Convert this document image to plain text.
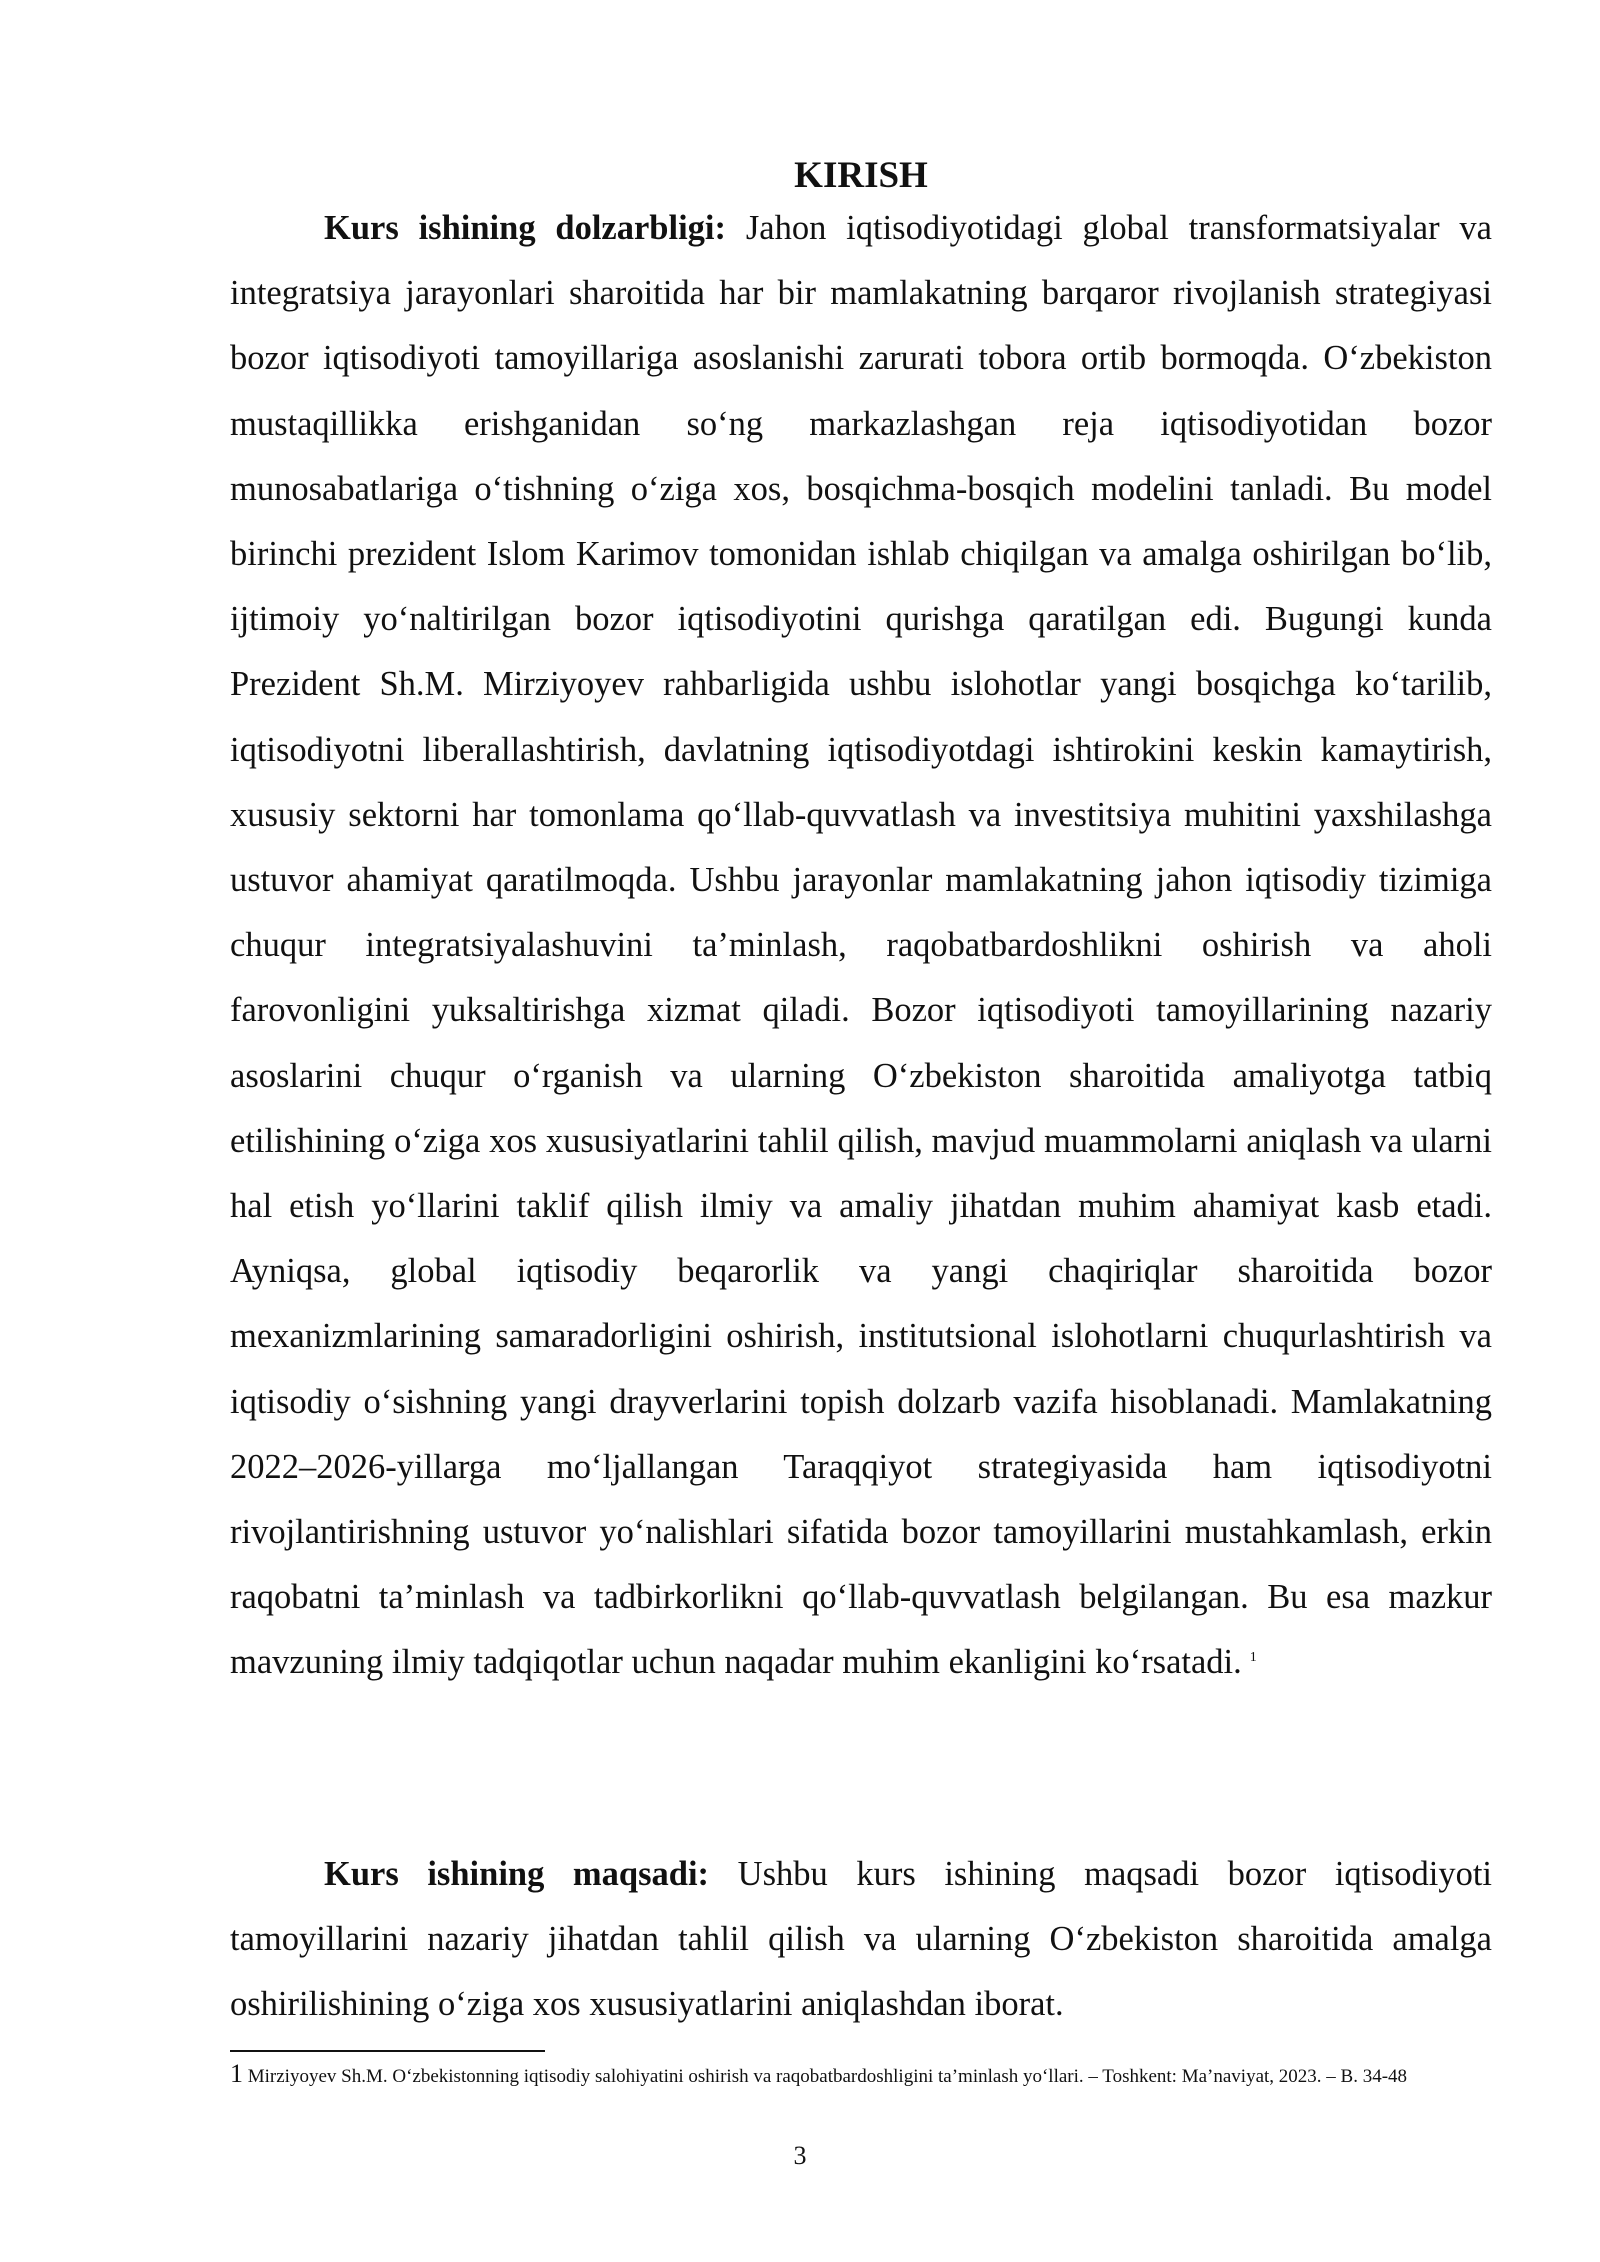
KIRISH

Kurs ishining dolzarbligi: Jahon iqtisodiyotidagi global transformatsiyalar va integratsiya jarayonlari sharoitida har bir mamlakatning barqaror rivojlanish strategiyasi bozor iqtisodiyoti tamoyillariga asoslanishi zarurati tobora ortib bormoqda. O‘zbekiston mustaqillikka erishganidan so‘ng markazlashgan reja iqtisodiyotidan bozor munosabatlariga o‘tishning o‘ziga xos, bosqichma-bosqich modelini tanladi. Bu model birinchi prezident Islom Karimov tomonidan ishlab chiqilgan va amalga oshirilgan bo‘lib, ijtimoiy yo‘naltirilgan bozor iqtisodiyotini qurishga qaratilgan edi. Bugungi kunda Prezident Sh.M. Mirziyoyev rahbarligida ushbu islohotlar yangi bosqichga ko‘tarilib, iqtisodiyotni liberallashtirish, davlatning iqtisodiyotdagi ishtirokini keskin kamaytirish, xususiy sektorni har tomonlama qo‘llab-quvvatlash va investitsiya muhitini yaxshilashga ustuvor ahamiyat qaratilmoqda. Ushbu jarayonlar mamlakatning jahon iqtisodiy tizimiga chuqur integratsiyalashuvini ta’minlash, raqobatbardoshlikni oshirish va aholi farovonligini yuksaltirishga xizmat qiladi. Bozor iqtisodiyoti tamoyillarining nazariy asoslarini chuqur o‘rganish va ularning O‘zbekiston sharoitida amaliyotga tatbiq etilishining o‘ziga xos xususiyatlarini tahlil qilish, mavjud muammolarni aniqlash va ularni hal etish yo‘llarini taklif qilish ilmiy va amaliy jihatdan muhim ahamiyat kasb etadi. Ayniqsa, global iqtisodiy beqarorlik va yangi chaqiriqlar sharoitida bozor mexanizmlarining samaradorligini oshirish, institutsional islohotlarni chuqurlashtirish va iqtisodiy o‘sishning yangi drayverlarini topish dolzarb vazifa hisoblanadi. Mamlakatning 2022–2026-yillarga mo‘ljallangan Taraqqiyot strategiyasida ham iqtisodiyotni rivojlantirishning ustuvor yo‘nalishlari sifatida bozor tamoyillarini mustahkamlash, erkin raqobatni ta’minlash va tadbirkorlikni qo‘llab-quvvatlash belgilangan. Bu esa mazkur mavzuning ilmiy tadqiqotlar uchun naqadar muhim ekanligini ko‘rsatadi. $^1$

Kurs ishining maqsadi: Ushbu kurs ishining maqsadi bozor iqtisodiyoti tamoyillarini nazariy jihatdan tahlil qilish va ularning O‘zbekiston sharoitida amalga oshirilishining o‘ziga xos xususiyatlarini aniqlashdan iborat.

1 Mirziyoyev Sh.M. O‘zbekistonning iqtisodiy salohiyatini oshirish va raqobatbardoshligini ta’minlash yo‘llari. – Toshkent: Ma’naviyat, 2023. – B. 34-48

3
